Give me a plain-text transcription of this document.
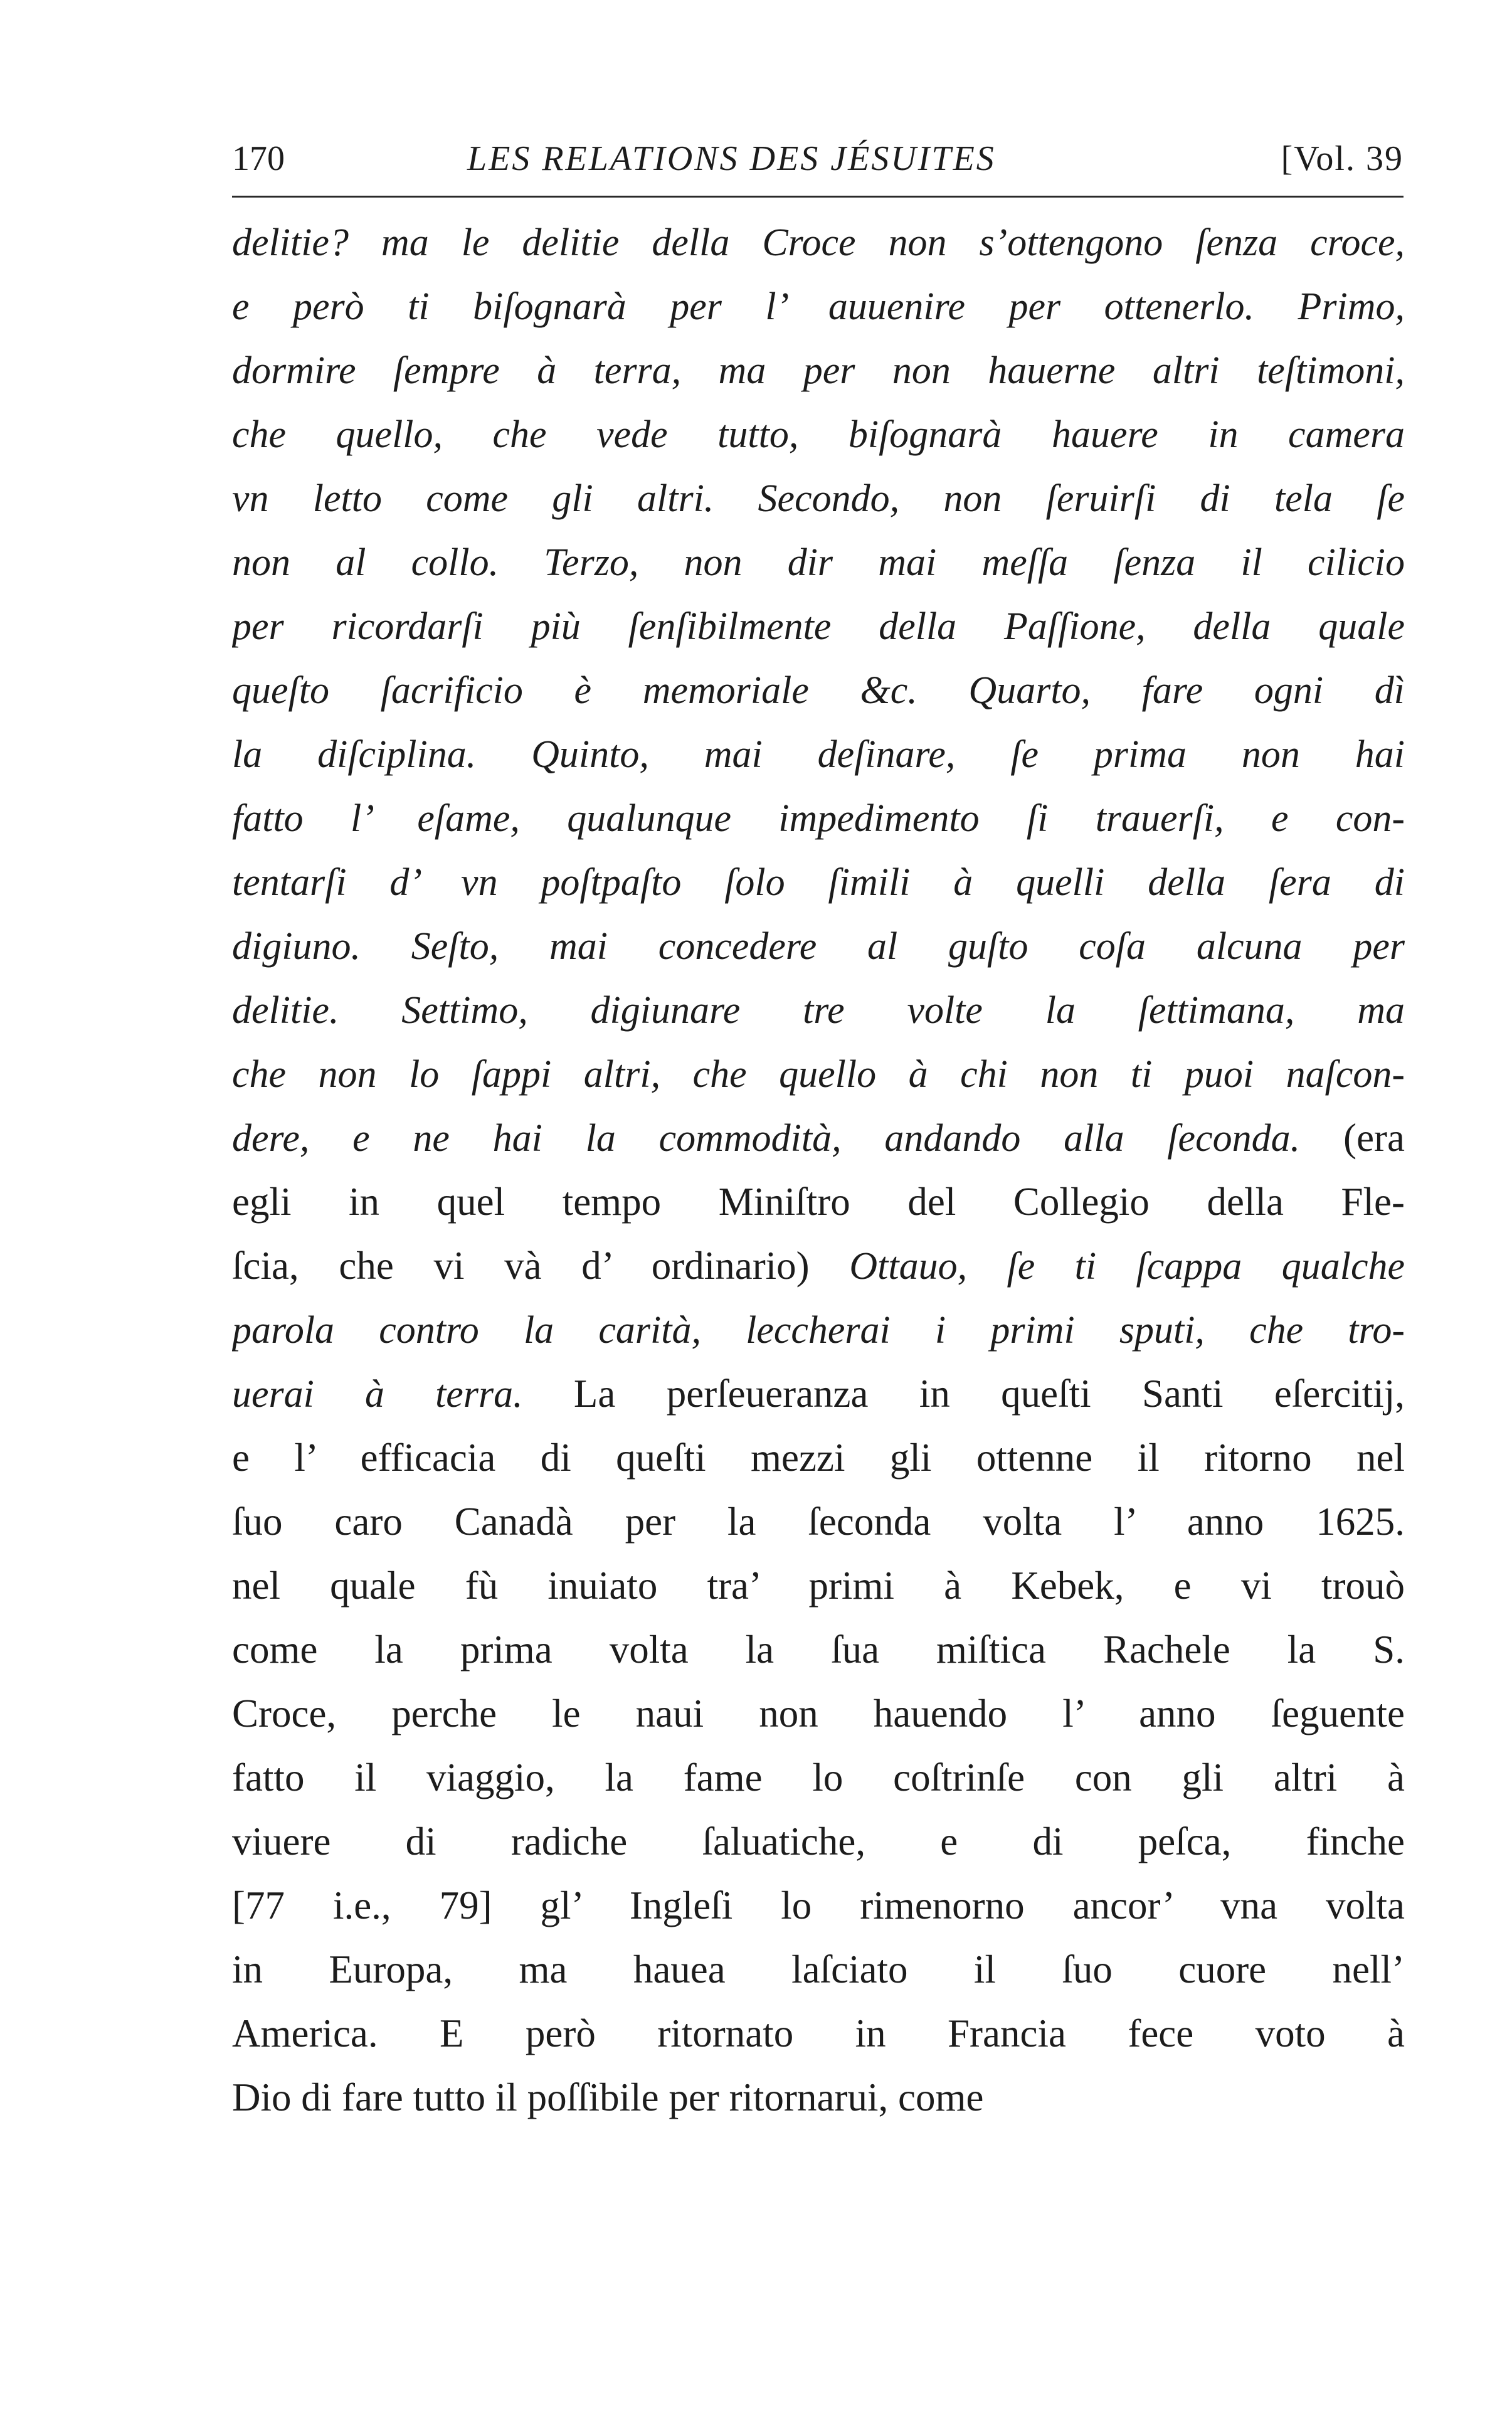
170	LES RELATIONS DES JÉSUITES	[Vol. 39
delitie? ma le delitie della Croce non s’ottengono ſenza croce,
e però ti biſognarà per l’ auuenire per ottenerlo. Primo,
dormire ſempre à terra, ma per non hauerne altri teſtimoni,
che quello, che vede tutto, biſognarà hauere in camera
vn letto come gli altri. Secondo, non ſeruirſi di tela ſe
non al collo. Terzo, non dir mai meſſa ſenza il cilicio
per ricordarſi più ſenſibilmente della Paſſione, della quale
queſto ſacrificio è memoriale &c. Quarto, fare ogni dì
la diſciplina. Quinto, mai deſinare, ſe prima non hai
fatto l’ eſame, qualunque impedimento ſi trauerſi, e con-
tentarſi d’ vn poſtpaſto ſolo ſimili à quelli della ſera di
digiuno. Seſto, mai concedere al guſto coſa alcuna per
delitie. Settimo, digiunare tre volte la ſettimana, ma
che non lo ſappi altri, che quello à chi non ti puoi naſcon-
dere, e ne hai la commodità, andando alla ſeconda. (era
egli in quel tempo Miniſtro del Collegio della Fle-
ſcia, che vi và d’ ordinario) Ottauo, ſe ti ſcappa qualche
parola contro la carità, leccherai i primi sputi, che tro-
uerai à terra. La perſeueranza in queſti Santi eſercitij,
e l’ efficacia di queſti mezzi gli ottenne il ritorno nel
ſuo caro Canadà per la ſeconda volta l’ anno 1625.
nel quale fù inuiato tra’ primi à Kebek, e vi trouò
come la prima volta la ſua miſtica Rachele la S.
Croce, perche le naui non hauendo l’ anno ſeguente
fatto il viaggio, la fame lo coſtrinſe con gli altri à
viuere di radiche ſaluatiche, e di peſca, finche
[77 i.e., 79] gl’ Ingleſi lo rimenorno ancor’ vna volta
in Europa, ma hauea laſciato il ſuo cuore nell’
America. E però ritornato in Francia fece voto à
Dio di fare tutto il poſſibile per ritornarui, come
